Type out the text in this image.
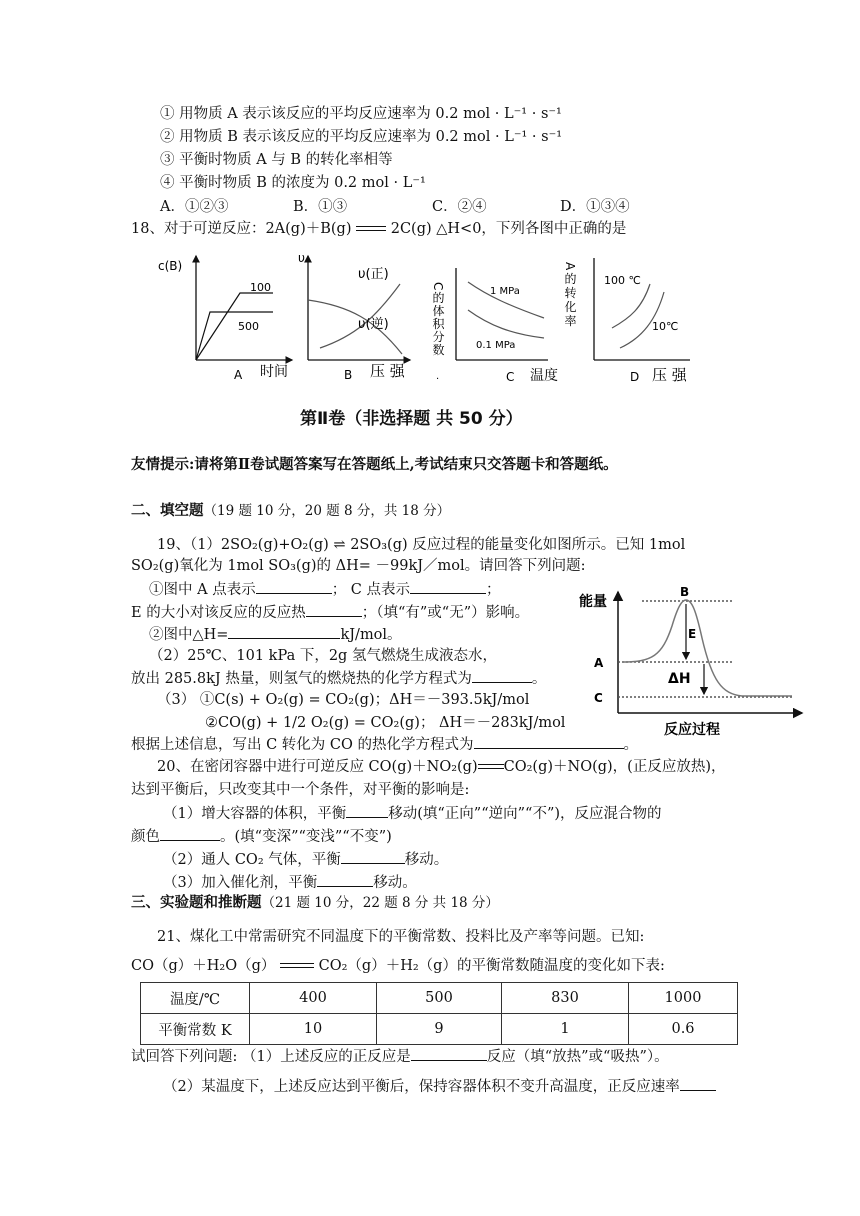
① 用物质 A 表示该反应的平均反应速率为 0.2 mol · L⁻¹ · s⁻¹
② 用物质 B 表示该反应的平均反应速率为 0.2 mol · L⁻¹ · s⁻¹
③ 平衡时物质 A 与 B 的转化率相等
④ 平衡时物质 B 的浓度为 0.2 mol · L⁻¹
A．①②③	B．①③	C．②④	D．①③④
18、对于可逆反应：2A(g)＋B(g)	2C(g) △H<0，下列各图中正确的是
c(B)
100
500
A 时间
υ
υ(正)
υ(逆)
B 压 强
C的体积分数	1 MPa
0.1 MPa
.	C 温度
A的转化率 100 ℃
10℃
D 压 强
第Ⅱ卷（非选择题 共 50 分）
友情提示:请将第Ⅱ卷试题答案写在答题纸上,考试结束只交答题卡和答题纸。
二、填空题（19 题 10 分，20 题 8 分，共 18 分）
19、（1）2SO₂(g)+O₂(g) ⇌ 2SO₃(g) 反应过程的能量变化如图所示。已知 1mol
SO₂(g)氧化为 1mol SO₃(g)的 ΔH= －99kJ／mol。请回答下列问题:
①图中 A 点表示	； C 点表示	；
E 的大小对该反应的反应热	；（填“有”或“无”）影响。
②图中△H=	kJ/mol。
（2）25℃、101 kPa 下，2g 氢气燃烧生成液态水，
放出 285.8kJ 热量，则氢气的燃烧热的化学方程式为	。
（3） ①C(s) + O₂(g) = CO₂(g)；ΔH＝－393.5kJ/mol
②CO(g) + 1/2 O₂(g) = CO₂(g)； ΔH＝－283kJ/mol
根据上述信息，写出 C 转化为 CO 的热化学方程式为	。
能量
B
E
A
ΔH
C
反应过程
20、在密闭容器中进行可逆反应 CO(g)＋NO₂(g) CO₂(g)＋NO(g)，(正反应放热)，
达到平衡后，只改变其中一个条件，对平衡的影响是:
（1）增大容器的体积，平衡	移动(填“正向”“逆向”“不”)，反应混合物的
颜色	。(填“变深”“变浅”“不变”)
（2）通人 CO₂ 气体，平衡	移动。
（3）加入催化剂，平衡	移动。
三、实验题和推断题（21 题 10 分，22 题 8 分 共 18 分）
21、煤化工中常需研究不同温度下的平衡常数、投料比及产率等问题。已知:
CO（g）＋H₂O（g）	CO₂（g）＋H₂（g）的平衡常数随温度的变化如下表:
温度/℃	400	500	830	1000
平衡常数 K	10	9	1	0.6
试回答下列问题: （1）上述反应的正反应是	反应（填“放热”或“吸热”）。
（2）某温度下，上述反应达到平衡后，保持容器体积不变升高温度，正反应速率
